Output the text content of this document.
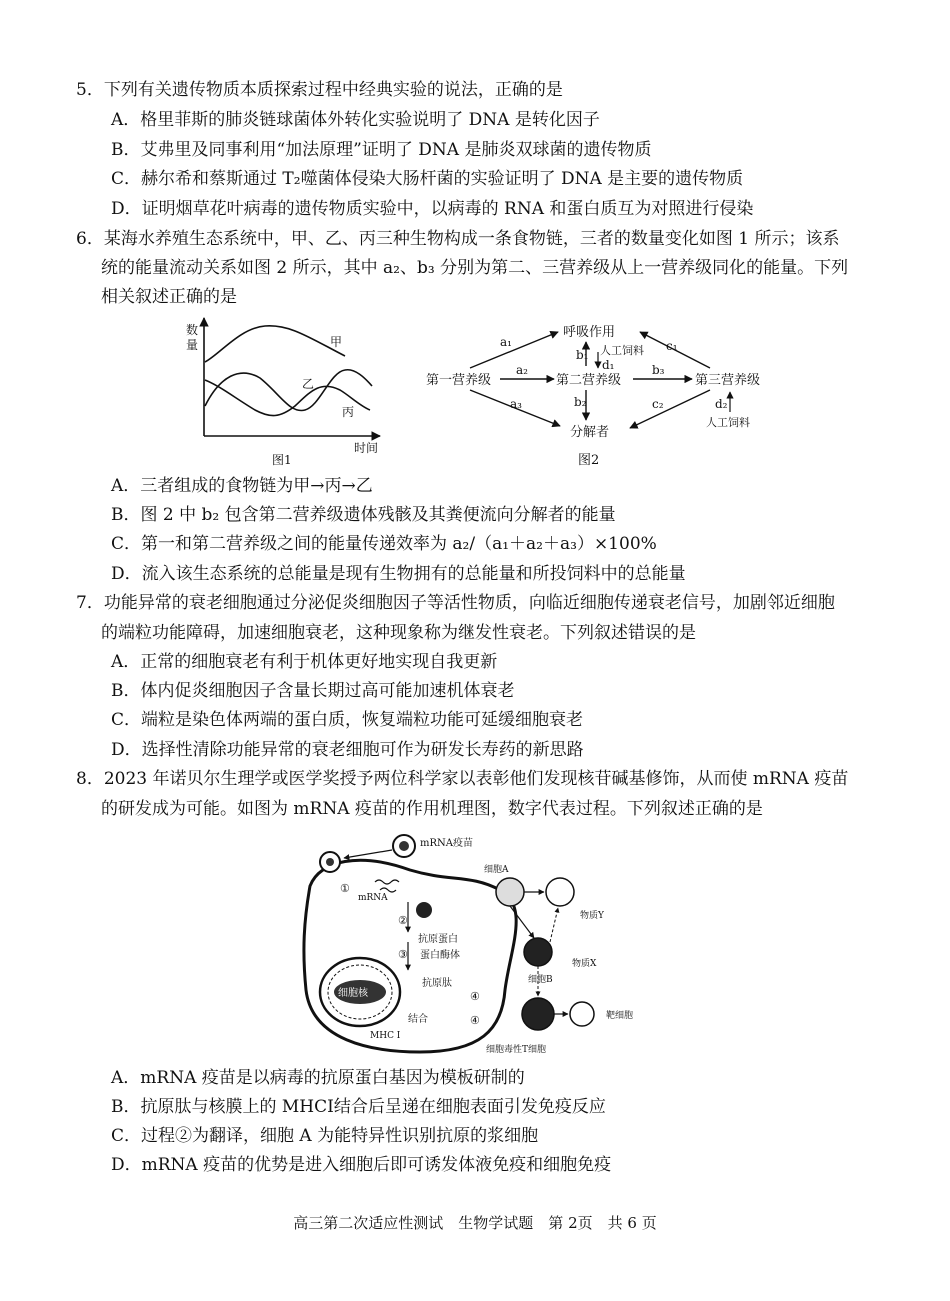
5．下列有关遗传物质本质探索过程中经典实验的说法，正确的是
A．格里菲斯的肺炎链球菌体外转化实验说明了 DNA 是转化因子
B．艾弗里及同事利用“加法原理”证明了 DNA 是肺炎双球菌的遗传物质
C．赫尔希和蔡斯通过 T₂噬菌体侵染大肠杆菌的实验证明了 DNA 是主要的遗传物质
D．证明烟草花叶病毒的遗传物质实验中，以病毒的 RNA 和蛋白质互为对照进行侵染
6．某海水养殖生态系统中，甲、乙、丙三种生物构成一条食物链，三者的数量变化如图 1 所示；该系
统的能量流动关系如图 2 所示，其中 a₂、b₃ 分别为第二、三营养级从上一营养级同化的能量。下列
相关叙述正确的是
数
量
时间
甲
乙
丙
图1
呼吸作用
第一营养级	第二营养级	第三营养级
分解者
人工饲料
人工饲料
a₁
a₂
a₃
b₁
b₂
b₃
c₁
c₂
d₁
d₂
图2
A．三者组成的食物链为甲→丙→乙
B．图 2 中 b₂ 包含第二营养级遗体残骸及其粪便流向分解者的能量
C．第一和第二营养级之间的能量传递效率为 a₂/（a₁＋a₂＋a₃）×100%
D．流入该生态系统的总能量是现有生物拥有的总能量和所投饲料中的总能量
7．功能异常的衰老细胞通过分泌促炎细胞因子等活性物质，向临近细胞传递衰老信号，加剧邻近细胞
的端粒功能障碍，加速细胞衰老，这种现象称为继发性衰老。下列叙述错误的是
A．正常的细胞衰老有利于机体更好地实现自我更新
B．体内促炎细胞因子含量长期过高可能加速机体衰老
C．端粒是染色体两端的蛋白质，恢复端粒功能可延缓细胞衰老
D．选择性清除功能异常的衰老细胞可作为研发长寿药的新思路
8．2023 年诺贝尔生理学或医学奖授予两位科学家以表彰他们发现核苷碱基修饰，从而使 mRNA 疫苗
的研发成为可能。如图为 mRNA 疫苗的作用机理图，数字代表过程。下列叙述正确的是
mRNA疫苗
①
mRNA
②
③
抗原蛋白
蛋白酶体
抗原肽
细胞核
MHC Ⅰ
结合
④
④
细胞A
物质Y
细胞B
物质X
靶细胞
细胞毒性T细胞
A．mRNA 疫苗是以病毒的抗原蛋白基因为模板研制的
B．抗原肽与核膜上的 MHCⅠ结合后呈递在细胞表面引发免疫反应
C．过程②为翻译，细胞 A 为能特异性识别抗原的浆细胞
D．mRNA 疫苗的优势是进入细胞后即可诱发体液免疫和细胞免疫
高三第二次适应性测试　生物学试题　第 2页　共 6 页
